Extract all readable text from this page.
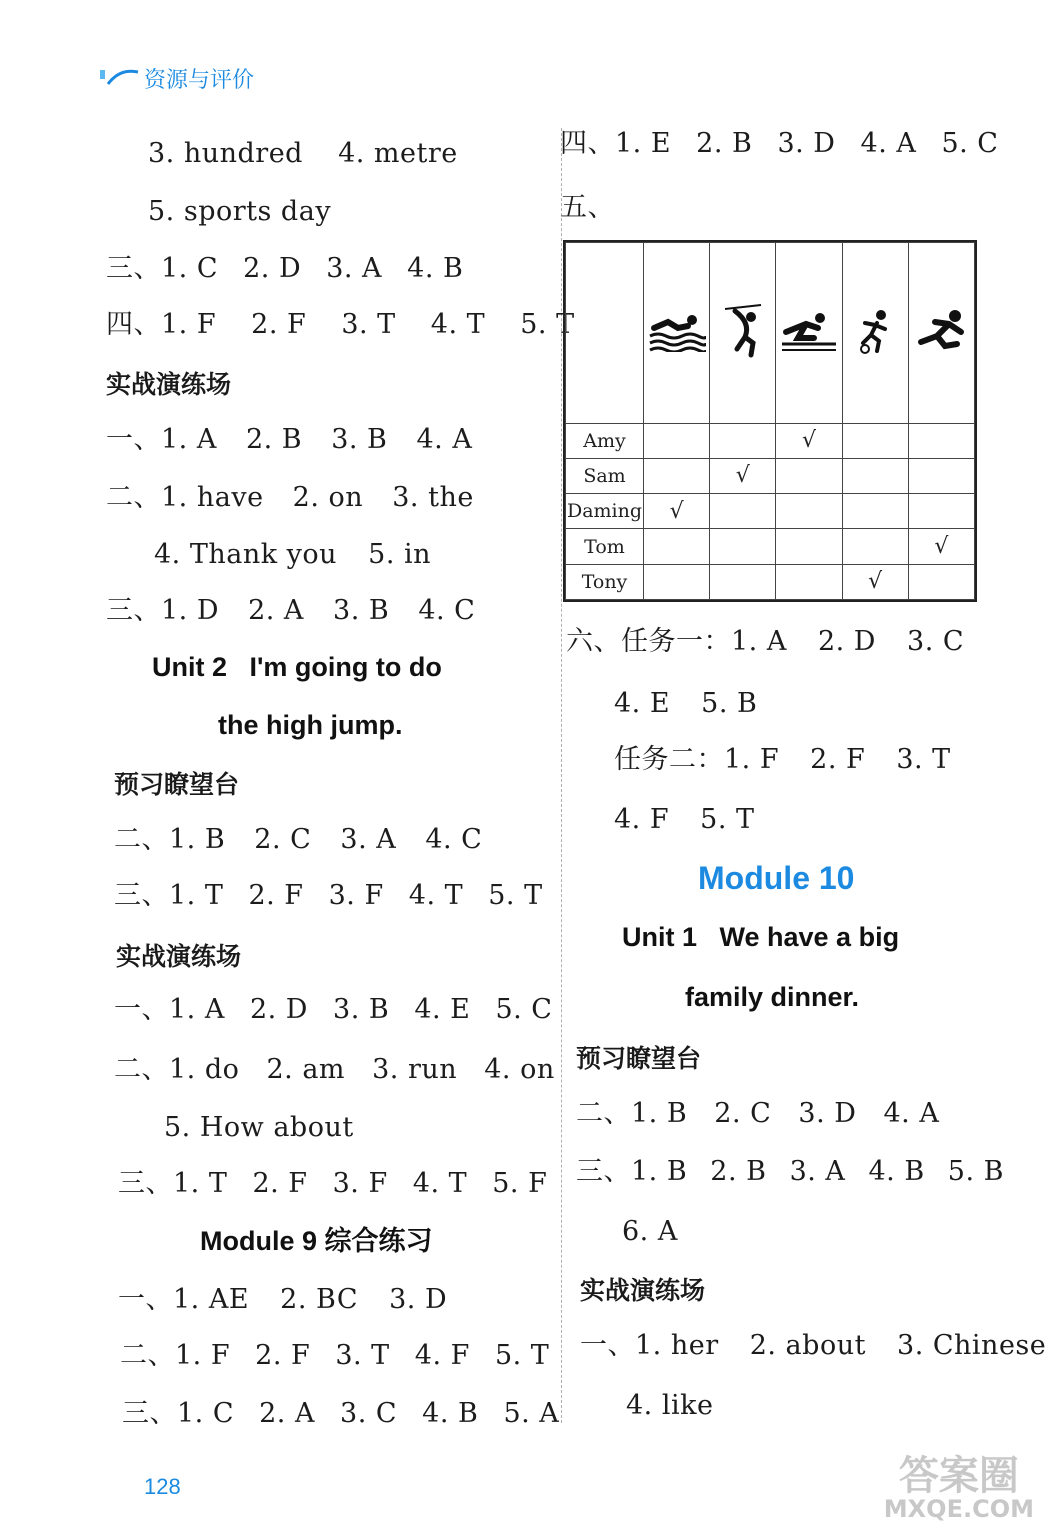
资源与评价
3. hundred 4. metre
5. sports day
三、1. C 2. D 3. A 4. B
四、1. F 2. F 3. T 4. T 5. T
实战演练场
一、1. A 2. B 3. B 4. A
二、1. have 2. on 3. the
4. Thank you 5. in
三、1. D 2. A 3. B 4. C
Unit 2   I'm going to do
the high jump.
预习瞭望台
二、1. B 2. C 3. A 4. C
三、1. T 2. F 3. F 4. T 5. T
实战演练场
一、1. A 2. D 3. B 4. E 5. C
二、1. do 2. am 3. run 4. on
5. How about
三、1. T 2. F 3. F 4. T 5. F
Module 9 综合练习
一、1. AE 2. BC 3. D
二、1. F 2. F 3. T 4. F 5. T
三、1. C 2. A 3. C 4. B 5. A
四、1. E 2. B 3. D 4. A 5. C
五、

Amy			√		
Sam		√			
Daming	√				
Tom					√
Tony				√	
六、任务一：1. A 2. D 3. C
4. E 5. B
任务二：1. F 2. F 3. T
4. F 5. T
Module 10
Unit 1   We have a big
family dinner.
预习瞭望台
二、1. B 2. C 3. D 4. A
三、1. B 2. B 3. A 4. B 5. B
6. A
实战演练场
一、1. her 2. about 3. Chinese
4. like
128	答案圈
MXQE.COM
